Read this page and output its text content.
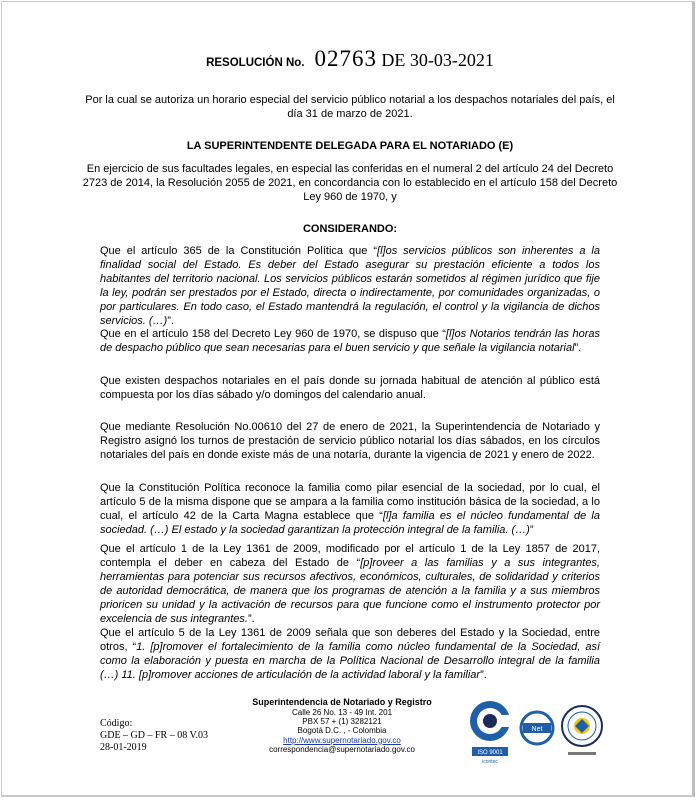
RESOLUCIÓN No. 02763 DE 30-03-2021
Por la cual se autoriza un horario especial del servicio público notarial a los despachos notariales del país, el
día 31 de marzo de 2021.
LA SUPERINTENDENTE DELEGADA PARA EL NOTARIADO (E)
En ejercicio de sus facultades legales, en especial las conferidas en el numeral 2 del artículo 24 del Decreto
2723 de 2014, la Resolución 2055 de 2021, en concordancia con lo establecido en el artículo 158 del Decreto
Ley 960 de 1970, y
CONSIDERANDO:
Que el artículo 365 de la Constitución Política que “[l]os servicios públicos son inherentes a la finalidad social del Estado. Es deber del Estado asegurar su prestación eficiente a todos los habitantes del territorio nacional. Los servicios públicos estarán sometidos al régimen jurídico que fije la ley, podrán ser prestados por el Estado, directa o indirectamente, por comunidades organizadas, o por particulares. En todo caso, el Estado mantendrá la regulación, el control y la vigilancia de dichos servicios. (…)”.
Que en el artículo 158 del Decreto Ley 960 de 1970, se dispuso que “[l]os Notarios tendrán las horas de despacho público que sean necesarias para el buen servicio y que señale la vigilancia notarial”.
Que existen despachos notariales en el país donde su jornada habitual de atención al público está compuesta por los días sábado y/o domingos del calendario anual.
Que mediante Resolución No.00610 del 27 de enero de 2021, la Superintendencia de Notariado y Registro asignó los turnos de prestación de servicio público notarial los días sábados, en los círculos notariales del país en donde existe más de una notaría, durante la vigencia de 2021 y enero de 2022.
Que la Constitución Política reconoce la familia como pilar esencial de la sociedad, por lo cual, el artículo 5 de la misma dispone que se ampara a la familia como institución básica de la sociedad, a lo cual, el artículo 42 de la Carta Magna establece que “[l]a familia es el núcleo fundamental de la sociedad. (…) El estado y la sociedad garantizan la protección integral de la familia. (…)”
Que el artículo 1 de la Ley 1361 de 2009, modificado por el artículo 1 de la Ley 1857 de 2017, contempla el deber en cabeza del Estado de “[p]roveer a las familias y a sus integrantes, herramientas para potenciar sus recursos afectivos, económicos, culturales, de solidaridad y criterios de autoridad democrática, de manera que los programas de atención a la familia y a sus miembros prioricen su unidad y la activación de recursos para que funcione como el instrumento protector por excelencia de sus integrantes.”.
Que el artículo 5 de la Ley 1361 de 2009 señala que son deberes del Estado y la Sociedad, entre otros, “1. [p]romover el fortalecimiento de la familia como núcleo fundamental de la Sociedad, así como la elaboración y puesta en marcha de la Política Nacional de Desarrollo integral de la familia (…) 11. [p]romover acciones de articulación de la actividad laboral y la familiar”.
Código:
GDE – GD – FR – 08 V.03
28-01-2019
Superintendencia de Notariado y Registro
Calle 26 No. 13 - 49 Int. 201
PBX 57 + (1) 3282121
Bogotá D.C. , - Colombia
http://www.supernotariado.gov.co
correspondencia@supernotariado.gov.co	ISO 9001
icontec
Net
